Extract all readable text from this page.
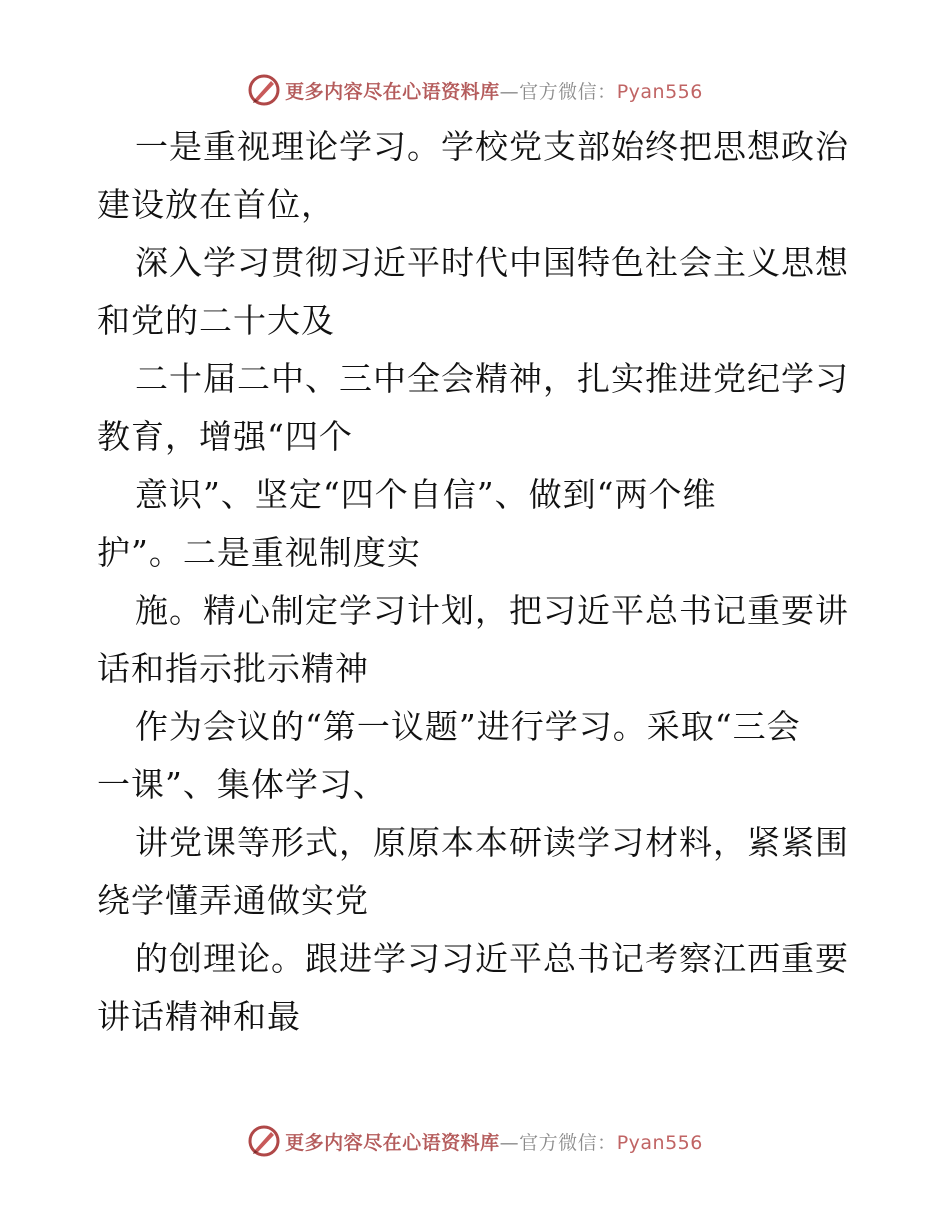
更多内容尽在心语资料库—官方微信：Pyan556
一是重视理论学习。学校党支部始终把思想政治
建设放在首位，
深入学习贯彻习近平时代中国特色社会主义思想
和党的二十大及
二十届二中、三中全会精神，扎实推进党纪学习
教育，增强“四个
意识”、坚定“四个自信”、做到“两个维
护”。二是重视制度实
施。精心制定学习计划，把习近平总书记重要讲
话和指示批示精神
作为会议的“第一议题”进行学习。采取“三会
一课”、集体学习、
讲党课等形式，原原本本研读学习材料，紧紧围
绕学懂弄通做实党
的创理论。跟进学习习近平总书记考察江西重要
讲话精神和最
更多内容尽在心语资料库—官方微信：Pyan556
